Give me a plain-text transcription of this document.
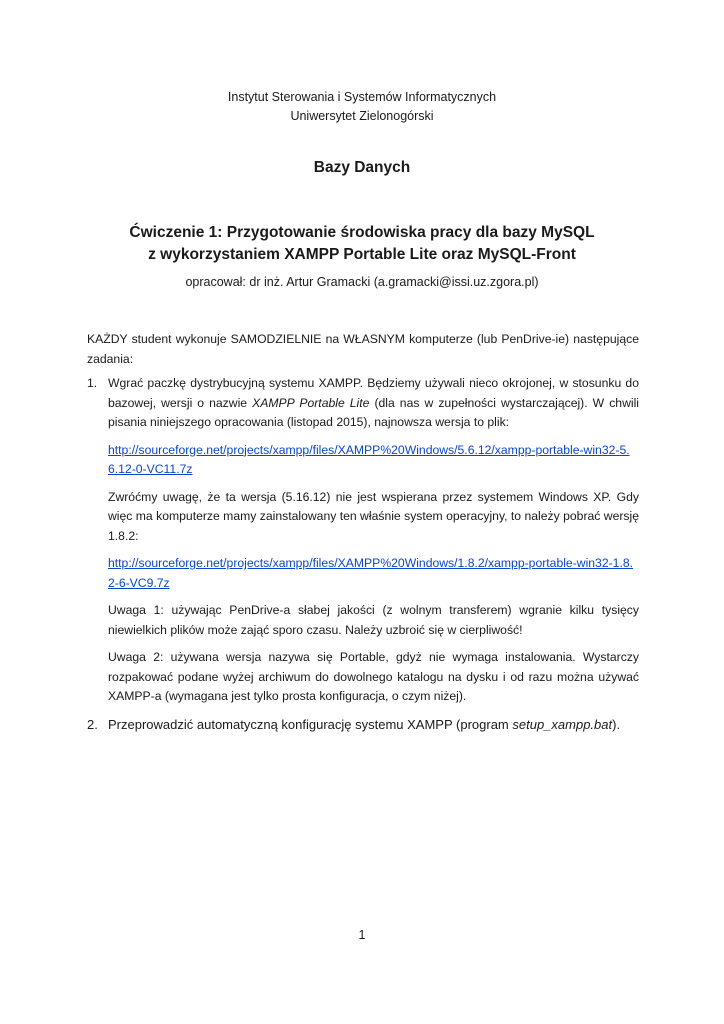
Instytut Sterowania i Systemów Informatycznych
Uniwersytet Zielonogórski
Bazy Danych
Ćwiczenie 1: Przygotowanie środowiska pracy dla bazy MySQL
z wykorzystaniem XAMPP Portable Lite oraz MySQL-Front
opracował: dr inż. Artur Gramacki (a.gramacki@issi.uz.zgora.pl)
KAŻDY student wykonuje SAMODZIELNIE na WŁASNYM komputerze (lub PenDrive-ie) następujące zadania:
1. Wgrać paczkę dystrybucyjną systemu XAMPP. Będziemy używali nieco okrojonej, w stosunku do bazowej, wersji o nazwie XAMPP Portable Lite (dla nas w zupełności wystarczającej). W chwili pisania niniejszego opracowania (listopad 2015), najnowsza wersja to plik:

http://sourceforge.net/projects/xampp/files/XAMPP%20Windows/5.6.12/xampp-portable-win32-5.6.12-0-VC11.7z

Zwróćmy uwagę, że ta wersja (5.16.12) nie jest wspierana przez systemem Windows XP. Gdy więc ma komputerze mamy zainstalowany ten właśnie system operacyjny, to należy pobrać wersję 1.8.2:

http://sourceforge.net/projects/xampp/files/XAMPP%20Windows/1.8.2/xampp-portable-win32-1.8.2-6-VC9.7z

Uwaga 1: używając PenDrive-a słabej jakości (z wolnym transferem) wgranie kilku tysięcy niewielkich plików może zająć sporo czasu. Należy uzbroić się w cierpliwość!

Uwaga 2: używana wersja nazywa się Portable, gdyż nie wymaga instalowania. Wystarczy rozpakować podane wyżej archiwum do dowolnego katalogu na dysku i od razu można używać XAMPP-a (wymagana jest tylko prosta konfiguracja, o czym niżej).

2. Przeprowadzić automatyczną konfigurację systemu XAMPP (program setup_xampp.bat).
1
